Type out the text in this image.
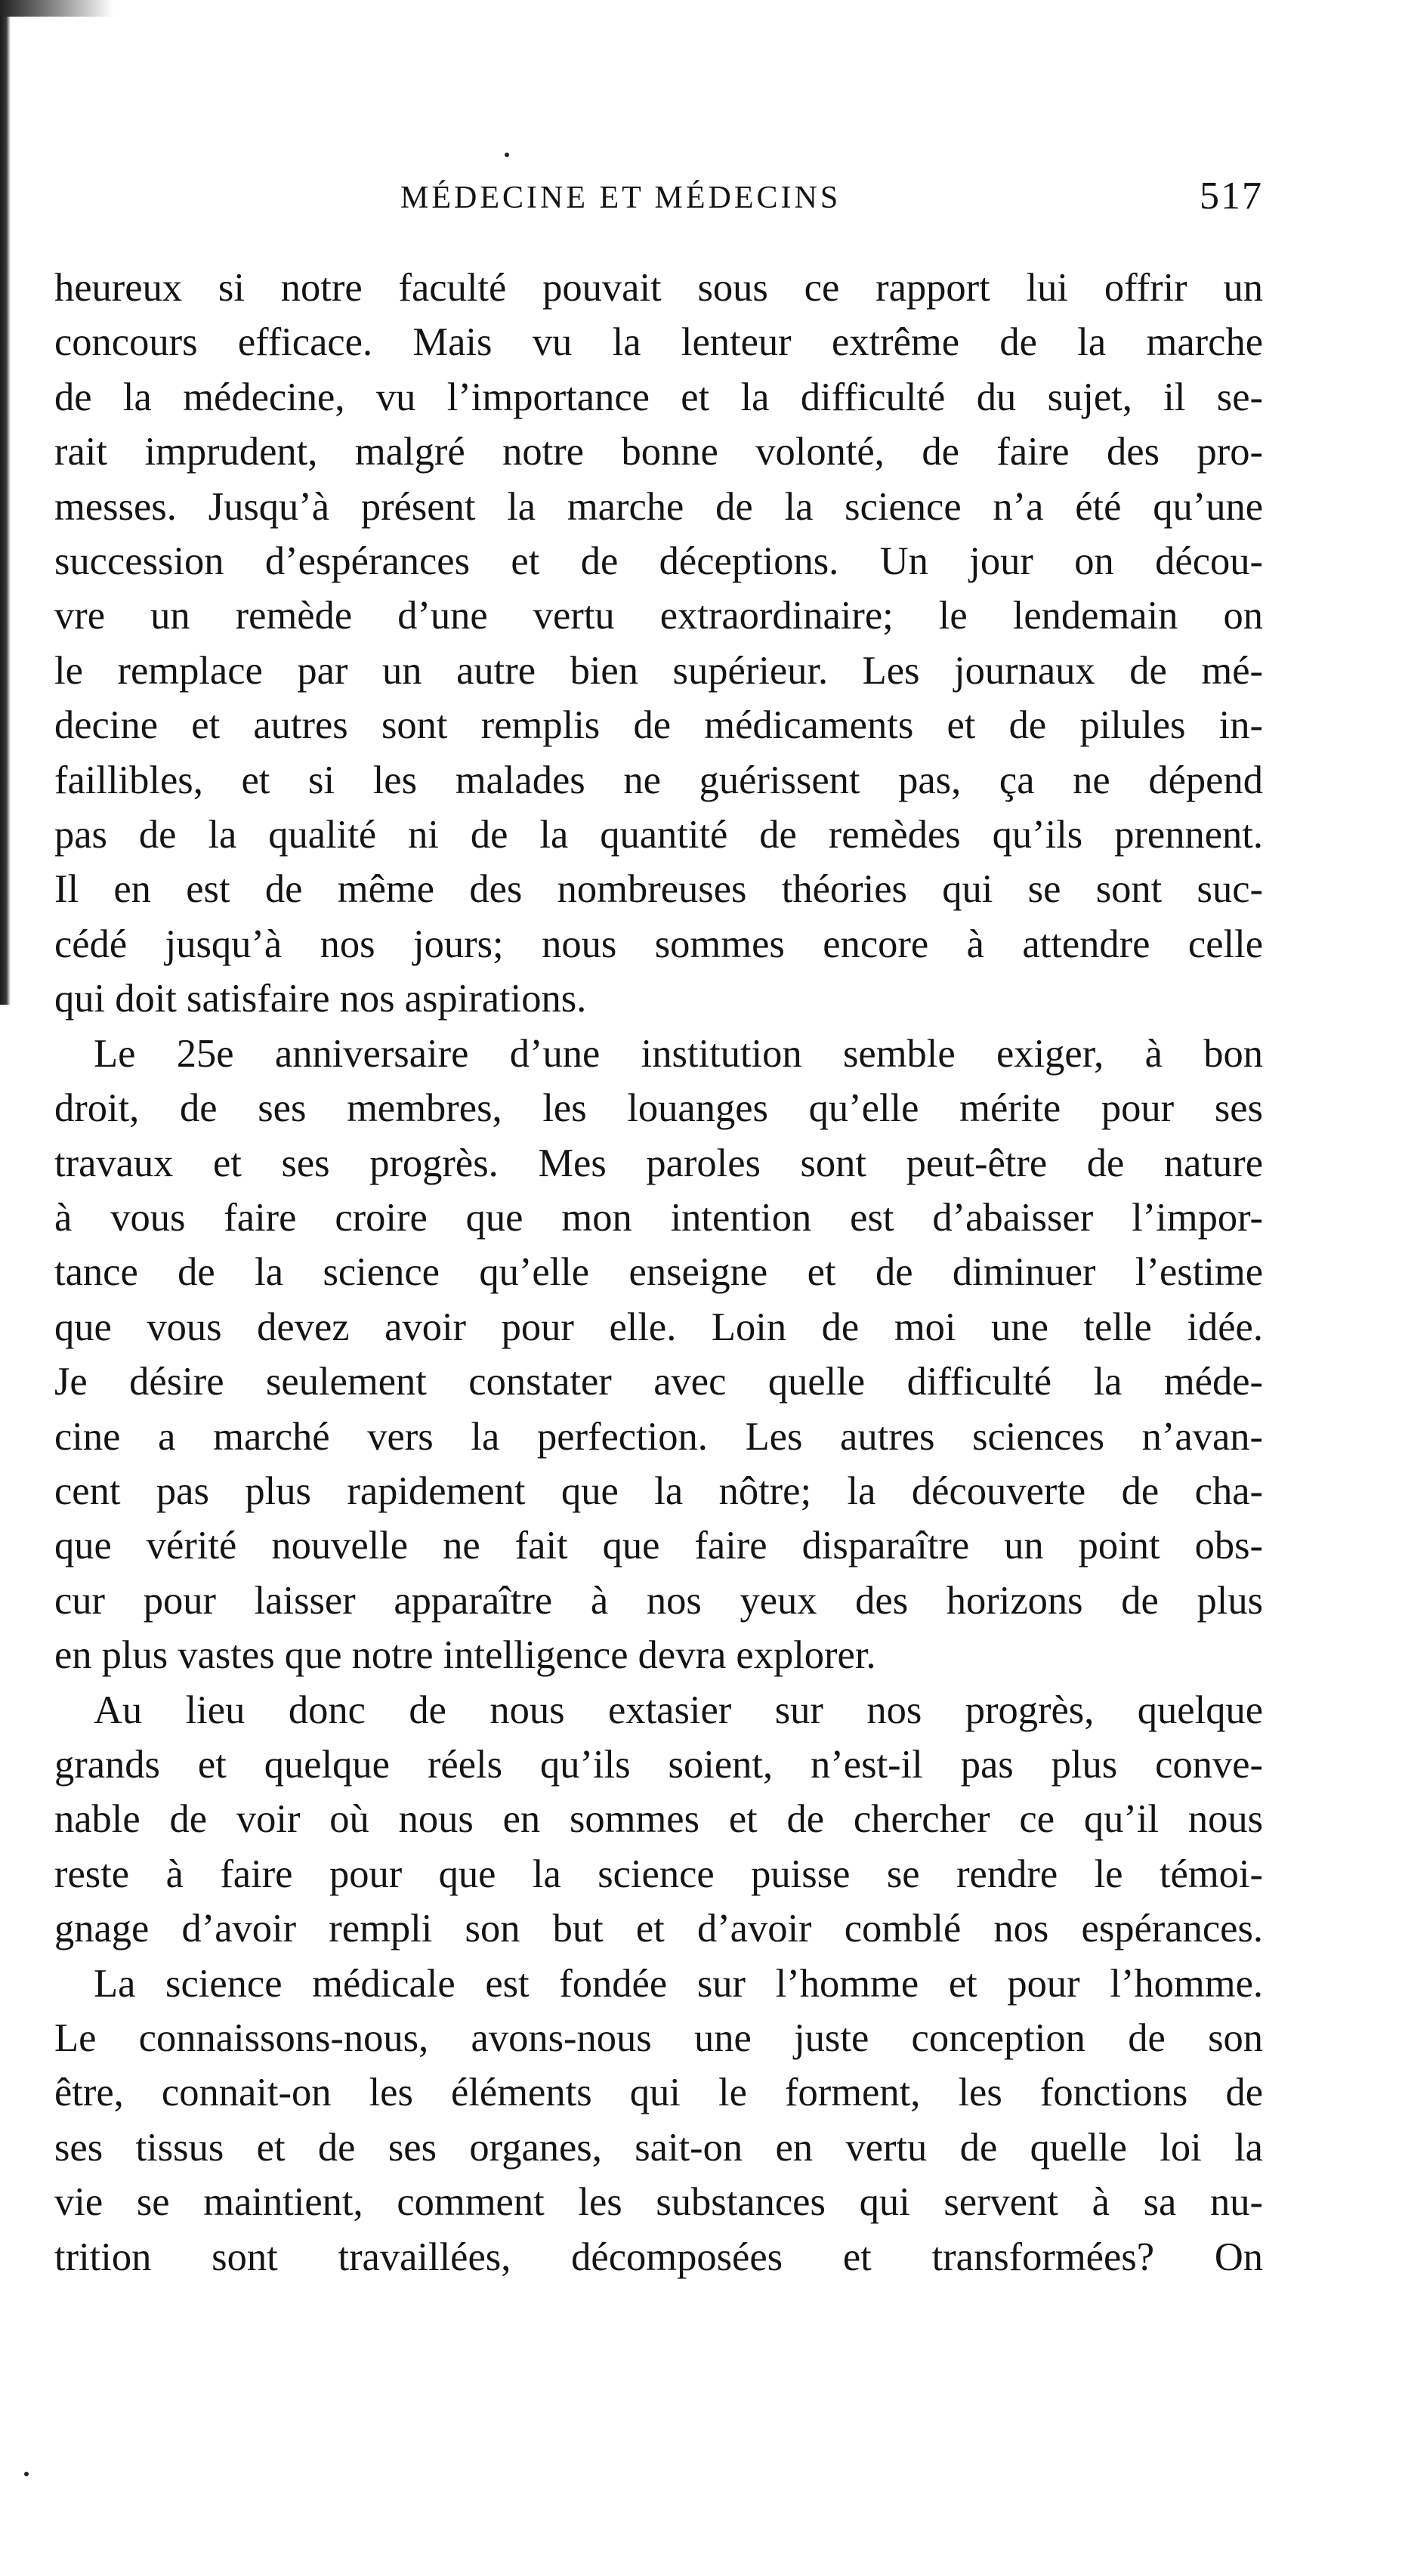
MÉDECINE ET MÉDECINS	517
heureux si notre faculté pouvait sous ce rapport lui offrir un
concours efficace. Mais vu la lenteur extrême de la marche
de la médecine, vu l’importance et la difficulté du sujet, il se-
rait imprudent, malgré notre bonne volonté, de faire des pro-
messes. Jusqu’à présent la marche de la science n’a été qu’une
succession d’espérances et de déceptions. Un jour on décou-
vre un remède d’une vertu extraordinaire; le lendemain on
le remplace par un autre bien supérieur. Les journaux de mé-
decine et autres sont remplis de médicaments et de pilules in-
faillibles, et si les malades ne guérissent pas, ça ne dépend
pas de la qualité ni de la quantité de remèdes qu’ils prennent.
Il en est de même des nombreuses théories qui se sont suc-
cédé jusqu’à nos jours; nous sommes encore à attendre celle
qui doit satisfaire nos aspirations.
Le 25e anniversaire d’une institution semble exiger, à bon
droit, de ses membres, les louanges qu’elle mérite pour ses
travaux et ses progrès. Mes paroles sont peut-être de nature
à vous faire croire que mon intention est d’abaisser l’impor-
tance de la science qu’elle enseigne et de diminuer l’estime
que vous devez avoir pour elle. Loin de moi une telle idée.
Je désire seulement constater avec quelle difficulté la méde-
cine a marché vers la perfection. Les autres sciences n’avan-
cent pas plus rapidement que la nôtre; la découverte de cha-
que vérité nouvelle ne fait que faire disparaître un point obs-
cur pour laisser apparaître à nos yeux des horizons de plus
en plus vastes que notre intelligence devra explorer.
Au lieu donc de nous extasier sur nos progrès, quelque
grands et quelque réels qu’ils soient, n’est-il pas plus conve-
nable de voir où nous en sommes et de chercher ce qu’il nous
reste à faire pour que la science puisse se rendre le témoi-
gnage d’avoir rempli son but et d’avoir comblé nos espérances.
La science médicale est fondée sur l’homme et pour l’homme.
Le connaissons-nous, avons-nous une juste conception de son
être, connait-on les éléments qui le forment, les fonctions de
ses tissus et de ses organes, sait-on en vertu de quelle loi la
vie se maintient, comment les substances qui servent à sa nu-
trition sont travaillées, décomposées et transformées? On
